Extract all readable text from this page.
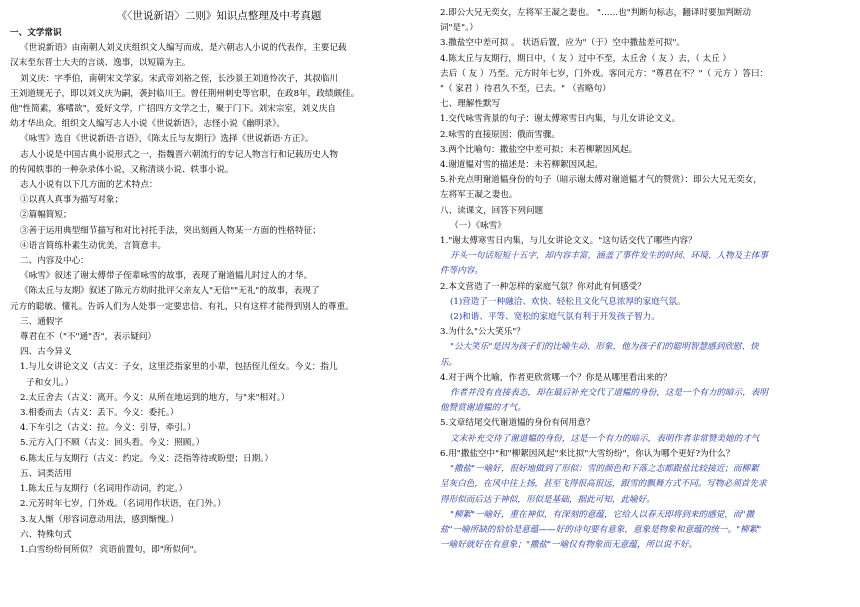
《〈世说新语〉二则》知识点整理及中考真题
一、文学常识
《世说新语》由南朝人刘义庆组织文人编写而成，是六朝志人小说的代表作，主要记载
汉末至东晋士大夫的言谈、逸事，以短篇为主。
刘义庆：字季伯，南朝宋文学家。宋武帝刘裕之侄，长沙景王刘道怜次子，其叔临川
王刘道规无子，即以刘义庆为嗣，袭封临川王。曾任荆州刺史等官职，在政8年，政绩颇佳。
他"性简素，寡嗜欲"，爱好文学，广招四方文学之士，聚于门下。刘宋宗室，刘义庆自
幼才华出众。组织文人编写志人小说《世说新语》，志怪小说《幽明录》。
《咏雪》选自《世说新语·言语》，《陈太丘与友期行》选择《世说新语·方正》。
志人小说是中国古典小说形式之一，指魏晋六朝流行的专记人物言行和记载历史人物
的传闻轶事的一种杂录体小说，又称清谈小说、轶事小说。
志人小说有以下几方面的艺术特点：
①以真人真事为描写对象；
②篇幅简短；
③善于运用典型细节描写和对比衬托手法，突出刻画人物某一方面的性格特征；
④语言简练朴素生动优美，言简意丰。
二、内容及中心：
《咏雪》叙述了谢太傅带子侄辈咏雪的故事，表现了谢道韫儿时过人的才华。
《陈太丘与友期》叙述了陈元方幼时批评父亲友人"无信""无礼"的故事，表现了
元方的聪敏、懂礼。告诉人们为人处事一定要忠信、有礼，只有这样才能得到别人的尊重。
三、通假字
尊君在不（"不"通"否"，表示疑问）
四、古今异义
1.与儿女讲论文义（古义：子女，这里泛指家里的小辈，包括侄儿侄女。今义：指儿
子和女儿。）
2.太丘舍去（古义：离开。今义：从所在地运到的地方，与"来"相对。）
3.相委而去（古义：丢下。今义：委托。）
4.下车引之（古义：拉。今义：引导，牵引。）
5.元方入门不顾（古义：回头看。今义：照顾。）
6.陈太丘与友期行（古义：约定。今义：泛指等待或盼望；日期。）
五、词类活用
1.陈太丘与友期行（名词用作动词，约定。）
2.元芳时年七岁，门外戏。（名词用作状语，在门外。）
3.友人惭（形容词意动用法，感到惭愧。）
六、特殊句式
1.白雪纷纷何所似？ 宾语前置句，即"所似何"。
2.即公大兄无奕女，左将军王凝之妻也。 "……也"判断句标志，翻译时要加判断动
词"是"。）
3.撒盐空中差可拟 。 状语后置，应为"（于）空中撒盐差可拟"。
4.陈太丘与友期行，期日中，（ 友 ）过中不至，太丘舍（ 友 ）去，（ 太丘 ）
去后（ 友 ）乃至。元方时年七岁，门外戏。客问元方："尊君在不？"（ 元方 ）答曰：
"（ 家君 ）待君久不至，已去。" （省略句）
七、理解性默写
1.交代咏雪背景的句子：谢太傅寒雪日内集，与儿女讲论文义。
2.咏雪的直接原因：俄而雪骤。
3.两个比喻句：撒盐空中差可拟；未若柳絮因风起。
4.谢道韫对雪的描述是：未若柳絮因风起。
5.补充点明谢道韫身份的句子（暗示谢太傅对谢道韫才气的赞赏）：即公大兄无奕女，
左将军王凝之妻也。
八、读课文，回答下列问题
（一）《咏雪》
1."谢太傅寒雪日内集，与儿女讲论文义。"这句话交代了哪些内容？
开头一句话短短十五字，却内容丰富，涵盖了事件发生的时间、环境、人物及主体事
件等内容。
2.本文营造了一种怎样的家庭气氛？你对此有何感受？
(1)营造了一种融洽、欢快、轻松且文化气息浓厚的家庭气氛。
(2)和谐、平等、宽松的家庭气氛有利于开发孩子智力。
3.为什么"公大笑乐"？
"公大笑乐"是因为孩子们的比喻生动、形象，他为孩子们的聪明智慧感到欣慰、快
乐。
4.对于两个比喻，作者更欣赏哪一个？你是从哪里看出来的？
作者并没有直接表态，却在最后补充交代了道韫的身份，这是一个有力的暗示，表明
他赞赏谢道韫的才气。
5.文章结尾交代谢道韫的身份有何用意？
文末补充交待了谢道韫的身份，这是一个有力的暗示，表明作者非常赞美她的才气
6.用"撒盐空中"和"柳絮因风起"来比拟"大雪纷纷"，你认为哪个更好?为什么？
"撒盐"一喻好，很好地做到了形似：雪的颜色和下落之态都跟盐比较接近；而柳絮
呈灰白色，在风中往上扬，甚至飞得很高很远，跟雪的飘舞方式不同。写物必须首先求
得形似而后达于神似，形似是基础，据此可知，此喻好。
"柳絮"一喻好，重在神似，有深刻的意蕴，它给人以春天即将到来的感觉，而"撒
盐"一喻所缺的恰恰是意蕴——好的诗句要有意象，意象是物象和意蕴的统一。"柳絮"
一喻好就好在有意象；"撒盐"一喻仅有物象而无意蕴，所以说不好。
